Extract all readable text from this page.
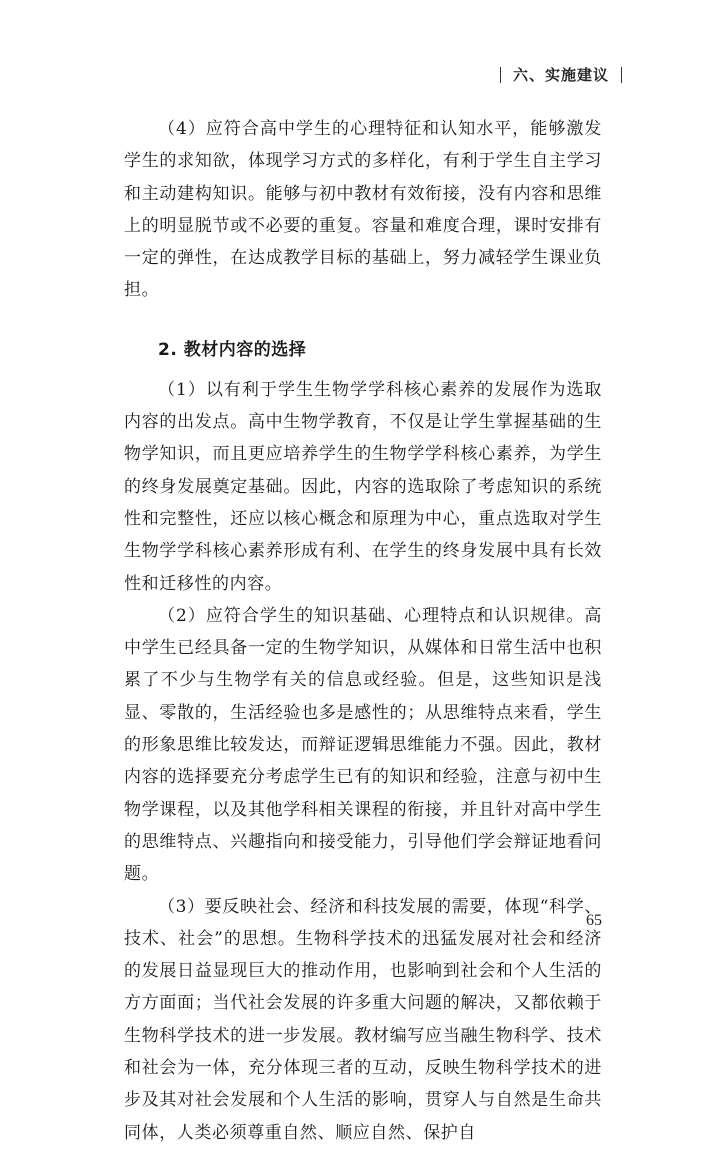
六、实施建议

（4）应符合高中学生的心理特征和认知水平，能够激发学生的求知欲，体现学习方式的多样化，有利于学生自主学习和主动建构知识。能够与初中教材有效衔接，没有内容和思维上的明显脱节或不必要的重复。容量和难度合理，课时安排有一定的弹性，在达成教学目标的基础上，努力减轻学生课业负担。

2. 教材内容的选择

（1）以有利于学生生物学学科核心素养的发展作为选取内容的出发点。高中生物学教育，不仅是让学生掌握基础的生物学知识，而且更应培养学生的生物学学科核心素养，为学生的终身发展奠定基础。因此，内容的选取除了考虑知识的系统性和完整性，还应以核心概念和原理为中心，重点选取对学生生物学学科核心素养形成有利、在学生的终身发展中具有长效性和迁移性的内容。

（2）应符合学生的知识基础、心理特点和认识规律。高中学生已经具备一定的生物学知识，从媒体和日常生活中也积累了不少与生物学有关的信息或经验。但是，这些知识是浅显、零散的，生活经验也多是感性的；从思维特点来看，学生的形象思维比较发达，而辩证逻辑思维能力不强。因此，教材内容的选择要充分考虑学生已有的知识和经验，注意与初中生物学课程，以及其他学科相关课程的衔接，并且针对高中学生的思维特点、兴趣指向和接受能力，引导他们学会辩证地看问题。

（3）要反映社会、经济和科技发展的需要，体现“科学、技术、社会”的思想。生物科学技术的迅猛发展对社会和经济的发展日益显现巨大的推动作用，也影响到社会和个人生活的方方面面；当代社会发展的许多重大问题的解决，又都依赖于生物科学技术的进一步发展。教材编写应当融生物科学、技术和社会为一体，充分体现三者的互动，反映生物科学技术的进步及其对社会发展和个人生活的影响，贯穿人与自然是生命共同体，人类必须尊重自然、顺应自然、保护自

65
